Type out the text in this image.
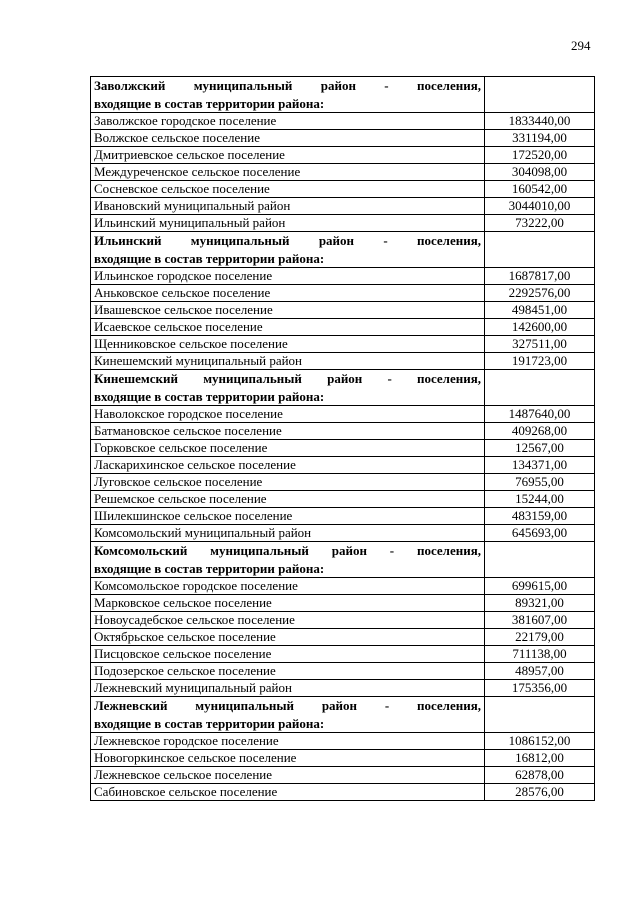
294
Заволжский муниципальный район - поселения,
входящие в состав территории района:	
Заволжское городское поселение	1833440,00
Волжское сельское поселение	331194,00
Дмитриевское сельское поселение	172520,00
Междуреченское сельское поселение	304098,00
Сосневское сельское поселение	160542,00
Ивановский муниципальный район	3044010,00
Ильинский муниципальный район	73222,00

Ильинский муниципальный район - поселения,
входящие в состав территории района:	
Ильинское городское поселение	1687817,00
Аньковское сельское поселение	2292576,00
Ивашевское сельское поселение	498451,00
Исаевское сельское поселение	142600,00
Щенниковское сельское поселение	327511,00
Кинешемский муниципальный район	191723,00

Кинешемский муниципальный район - поселения,
входящие в состав территории района:	
Наволокское городское поселение	1487640,00
Батмановское сельское поселение	409268,00
Горковское сельское поселение	12567,00
Ласкарихинское сельское поселение	134371,00
Луговское сельское поселение	76955,00
Решемское сельское поселение	15244,00
Шилекшинское сельское поселение	483159,00
Комсомольский муниципальный район	645693,00

Комсомольский муниципальный район - поселения,
входящие в состав территории района:	
Комсомольское городское поселение	699615,00
Марковское сельское поселение	89321,00
Новоусадебское сельское поселение	381607,00
Октябрьское сельское поселение	22179,00
Писцовское сельское поселение	711138,00
Подозерское сельское поселение	48957,00
Лежневский муниципальный район	175356,00

Лежневский муниципальный район - поселения,
входящие в состав территории района:	
Лежневское городское поселение	1086152,00
Новогоркинское сельское поселение	16812,00
Лежневское сельское поселение	62878,00
Сабиновское сельское поселение	28576,00
